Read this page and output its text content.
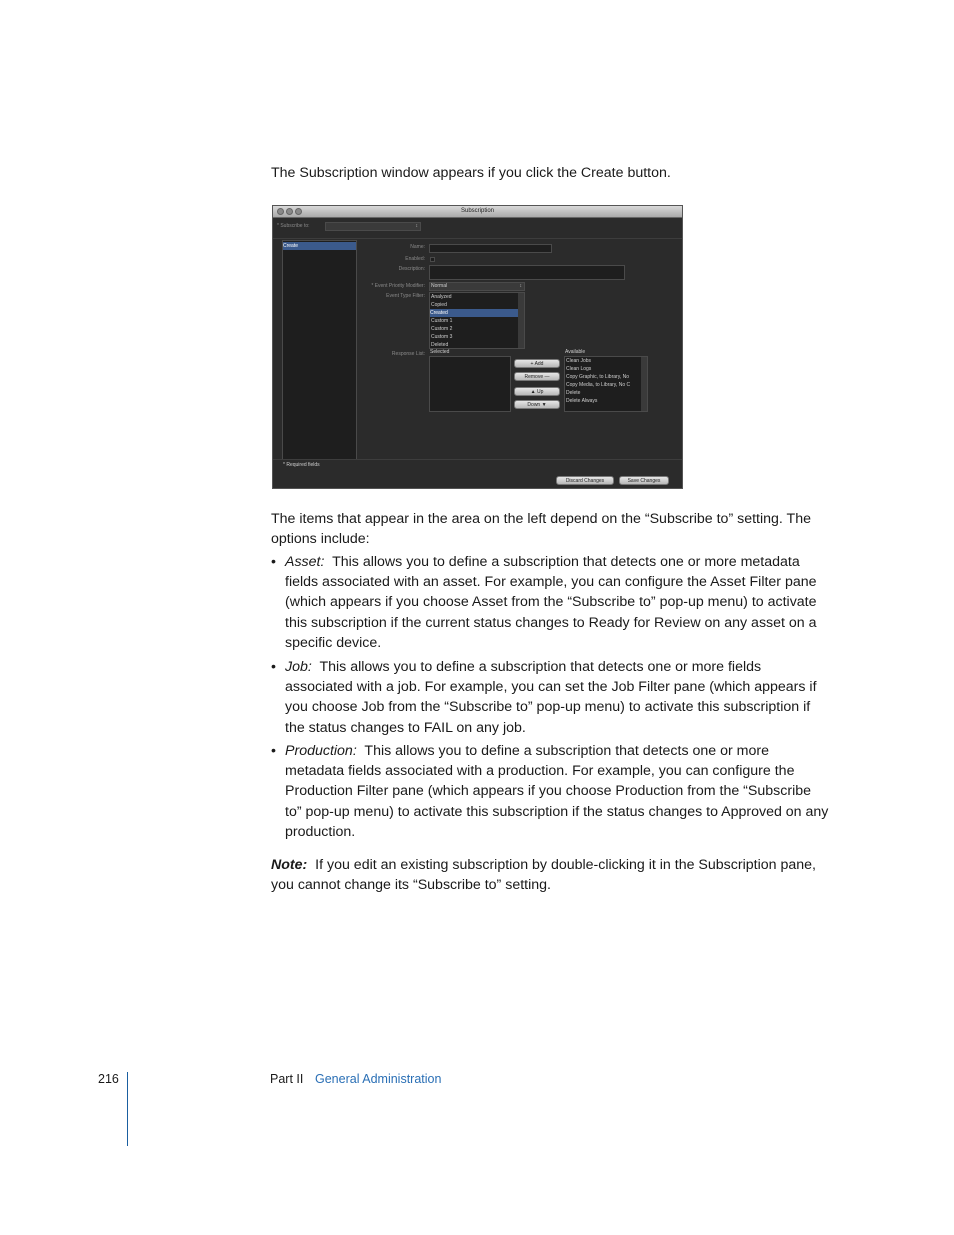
The Subscription window appears if you click the Create button.

Subscription
* Subscribe to:	↕
Create	Name:
Enabled:
Description:
* Event Priority Modifier: Normal	↕
Event Type Filter: Analyzed
Copied
Created
Custom 1
Custom 2
Custom 3
Deleted
Selected
Response List:
+ Add
Remove —
▲ Up
Down ▼
Available
Clean Jobs
Clean Logs
Copy Graphic, to Library, No
Copy Media, to Library, No C
Delete
Delete Always
* Required fields
Discard Changes	Save Changes

The items that appear in the area on the left depend on the “Subscribe to” setting. The options include:

• Asset: This allows you to define a subscription that detects one or more metadata fields associated with an asset. For example, you can configure the Asset Filter pane (which appears if you choose Asset from the “Subscribe to” pop-up menu) to activate this subscription if the current status changes to Ready for Review on any asset on a specific device.
• Job: This allows you to define a subscription that detects one or more fields associated with a job. For example, you can set the Job Filter pane (which appears if you choose Job from the “Subscribe to” pop-up menu) to activate this subscription if the status changes to FAIL on any job.
• Production: This allows you to define a subscription that detects one or more metadata fields associated with a production. For example, you can configure the Production Filter pane (which appears if you choose Production from the “Subscribe to” pop-up menu) to activate this subscription if the status changes to Approved on any production.

Note: If you edit an existing subscription by double-clicking it in the Subscription pane, you cannot change its “Subscribe to” setting.

216	Part II General Administration
